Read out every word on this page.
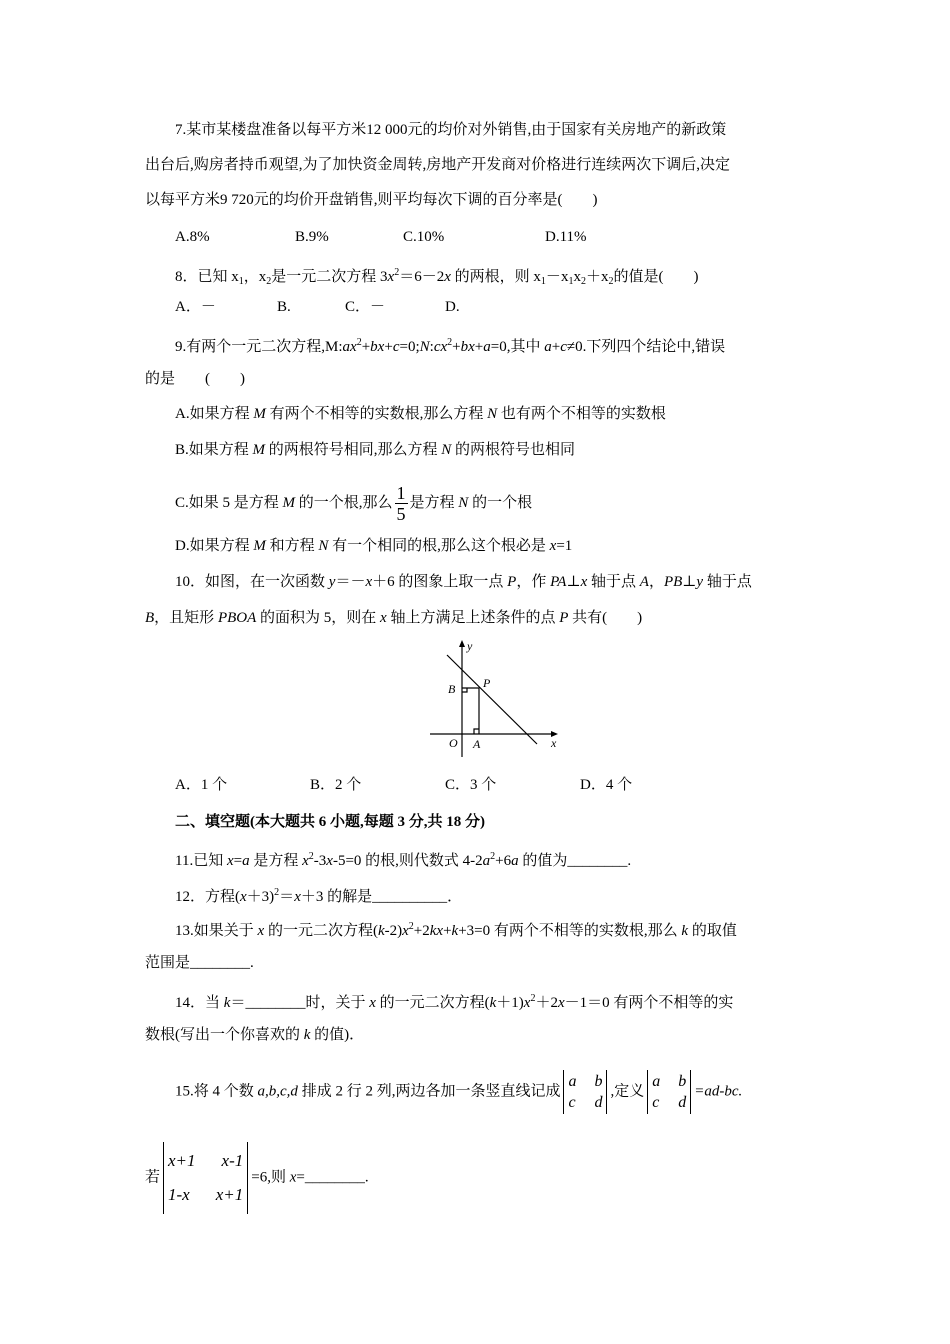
7.某市某楼盘准备以每平方米12 000元的均价对外销售,由于国家有关房地产的新政策
出台后,购房者持币观望,为了加快资金周转,房地产开发商对价格进行连续两次下调后,决定
以每平方米9 720元的均价开盘销售,则平均每次下调的百分率是(　　)
A.8%	B.9%	C.10%	D.11%
8．已知 $x_1$，$x_2$是一元二次方程 $3x^2=6-2x$ 的两根，则 $x_1-x_1x_2+x_2$的值是(　　)
A．－	B.	C．－	D.
9.有两个一元二次方程$,M:ax^2+bx+c=0;N:cx^2+bx+a=0$,其中 a+c≠0.下列四个结论中,错误
的是　　(　　)
A.如果方程 M 有两个不相等的实数根,那么方程 N 也有两个不相等的实数根
B.如果方程 M 的两根符号相同,那么方程 N 的两根符号也相同
C.如果 5 是方程 M 的一个根,那么 $\frac{1}{5}$ 是方程 N 的一个根
D.如果方程 M 和方程 N 有一个相同的根,那么这个根必是 x=1
10．如图，在一次函数 y＝－x＋6 的图象上取一点 P，作 PA⊥x 轴于点 A，PB⊥y 轴于点
B，且矩形 PBOA 的面积为 5，则在 x 轴上方满足上述条件的点 P 共有(　　)
A．1 个	B．2 个	C．3 个	D．4 个
二、填空题(本大题共 6 小题,每题 3 分,共 18 分)
11.已知 x=a 是方程 $x^2-3x-5=0$ 的根,则代数式 $4-2a^2+6a$ 的值为________.
12．方程$(x+3)^2=x+3$ 的解是__________．
13.如果关于 x 的一元二次方程$(k-2)x^2+2kx+k+3=0$ 有两个不相等的实数根,那么 k 的取值
范围是________.
14．当 k＝________时，关于 x 的一元二次方程$(k+1)x^2+2x-1=0$ 有两个不相等的实
数根(写出一个你喜欢的 k 的值)．
15.将 4 个数 a,b,c,d 排成 2 行 2 列,两边各加一条竖直线记成
a b
c d
,定义
a b
c d
=ad-bc.
若
x+1 x-1
1-x x+1
=6,则 x=________.
y
x
O A
B P
